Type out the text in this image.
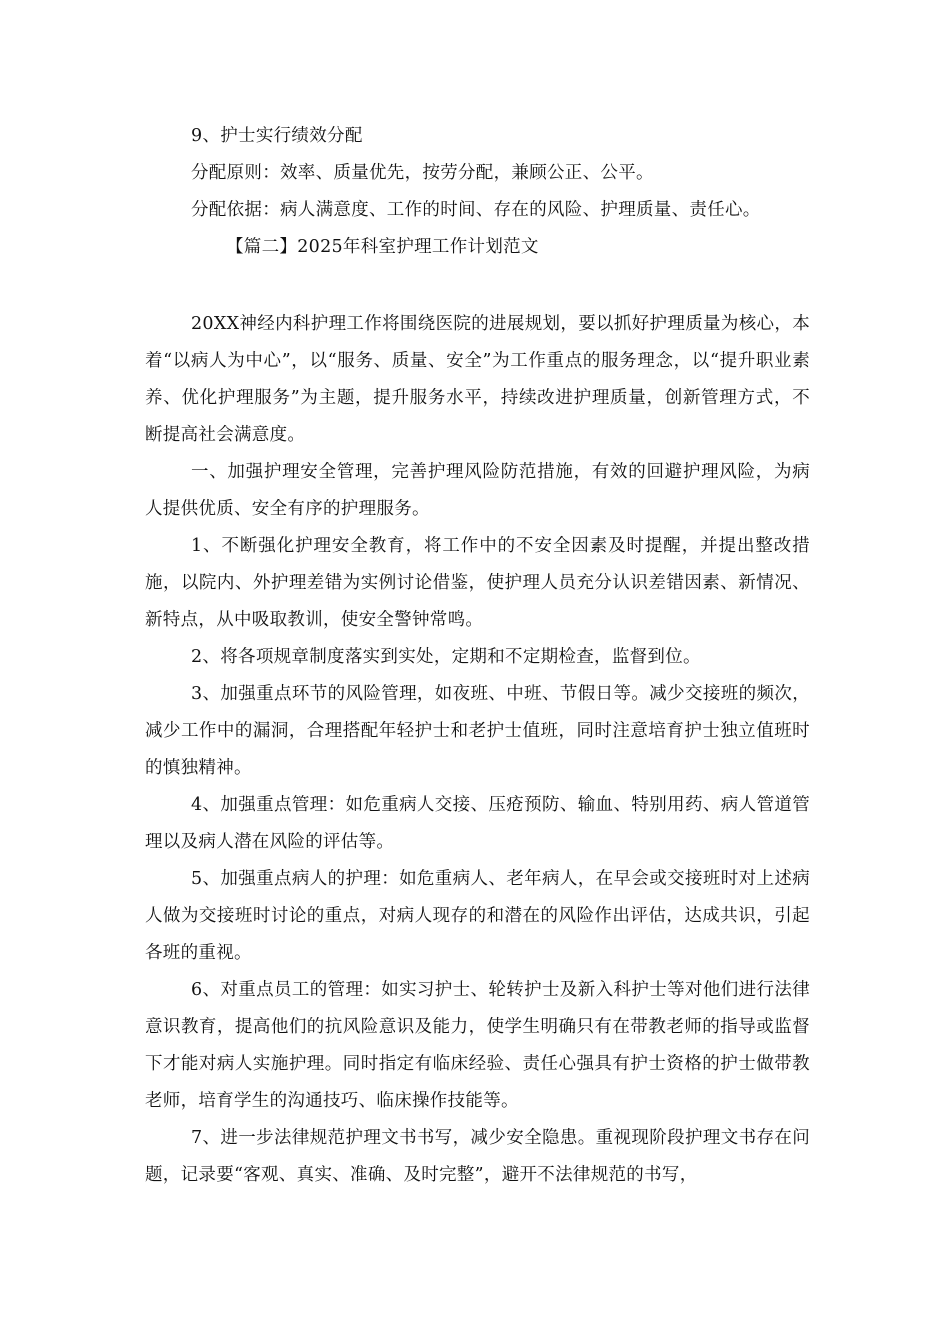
9、护士实行绩效分配
分配原则：效率、质量优先，按劳分配，兼顾公正、公平。
分配依据：病人满意度、工作的时间、存在的风险、护理质量、责任心。
【篇二】2025年科室护理工作计划范文

20XX神经内科护理工作将围绕医院的进展规划，要以抓好护理质量为核心，本着“以病人为中心”，以“服务、质量、安全”为工作重点的服务理念，以“提升职业素养、优化护理服务”为主题，提升服务水平，持续改进护理质量，创新管理方式，不断提高社会满意度。

一、加强护理安全管理，完善护理风险防范措施，有效的回避护理风险，为病人提供优质、安全有序的护理服务。

1、不断强化护理安全教育，将工作中的不安全因素及时提醒，并提出整改措施，以院内、外护理差错为实例讨论借鉴，使护理人员充分认识差错因素、新情况、新特点，从中吸取教训，使安全警钟常鸣。

2、将各项规章制度落实到实处，定期和不定期检查，监督到位。

3、加强重点环节的风险管理，如夜班、中班、节假日等。减少交接班的频次，减少工作中的漏洞，合理搭配年轻护士和老护士值班，同时注意培育护士独立值班时的慎独精神。

4、加强重点管理：如危重病人交接、压疮预防、输血、特别用药、病人管道管理以及病人潜在风险的评估等。

5、加强重点病人的护理：如危重病人、老年病人，在早会或交接班时对上述病人做为交接班时讨论的重点，对病人现存的和潜在的风险作出评估，达成共识，引起各班的重视。

6、对重点员工的管理：如实习护士、轮转护士及新入科护士等对他们进行法律意识教育，提高他们的抗风险意识及能力，使学生明确只有在带教老师的指导或监督下才能对病人实施护理。同时指定有临床经验、责任心强具有护士资格的护士做带教老师，培育学生的沟通技巧、临床操作技能等。

7、进一步法律规范护理文书书写，减少安全隐患。重视现阶段护理文书存在问题，记录要“客观、真实、准确、及时完整”，避开不法律规范的书写，
